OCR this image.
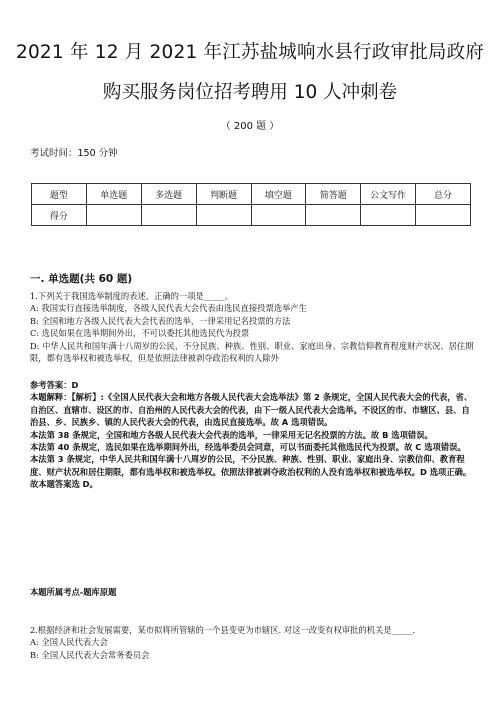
2021 年 12 月 2021 年江苏盐城响水县行政审批局政府
购买服务岗位招考聘用 10 人冲刺卷
（ 200 题 ）
考试时间：150 分钟
题型	单选题	多选题	判断题	填空题	简答题	公文写作	总分
得分							
一. 单选题(共 60 题)

1.下列关于我国选举制度的表述，正确的一项是_____。

A: 我国实行直接选举制度，各级人民代表大会代表由选民直接投票选举产生

B: 全国和地方各级人民代表大会代表的选举，一律采用记名投票的方法

C: 选民如果在选举期间外出，不可以委托其他选民代为投票

D: 中华人民共和国年满十八周岁的公民，不分民族、种族、性别、职业、家庭出身、宗教信仰教育程度财产状况、居住期限，都有选举权和被选举权，但是依照法律被剥夺政治权利的人除外

参考答案：D

本题解释：【解析】:《全国人民代表大会和地方各级人民代表大会选举法》第 2 条规定，全国人民代表大会的代表，省、自治区、直辖市、设区的市、自治州的人民代表大会的代表，由下一级人民代表大会选举。不设区的市、市辖区、县、自治县、乡、民族乡、镇的人民代表大会的代表，由选民直接选举。故 A 选项错误。

本法第 38 条规定，全国和地方各级人民代表大会代表的选举，一律采用无记名投票的方法。故 B 选项错误。

本法第 40 条规定，选民如果在选举期间外出，经选举委员会同意，可以书面委托其他选民代为投票。故 C 选项错误。

本法第 3 条规定，中华人民共和国年满十八周岁的公民，不分民族、种族、性别、职业、家庭出身、宗教信仰、教育程度、财产状况和居住期限，都有选举权和被选举权。依照法律被剥夺政治权利的人没有选举权和被选举权。D 选项正确。故本题答案选 D。

本题所属考点-题库原题

2.根据经济和社会发展需要，某市拟将所管辖的一个县变更为市辖区. 对这一改变有权审批的机关是_____.

A: 全国人民代表大会

B: 全国人民代表大会常务委员会
